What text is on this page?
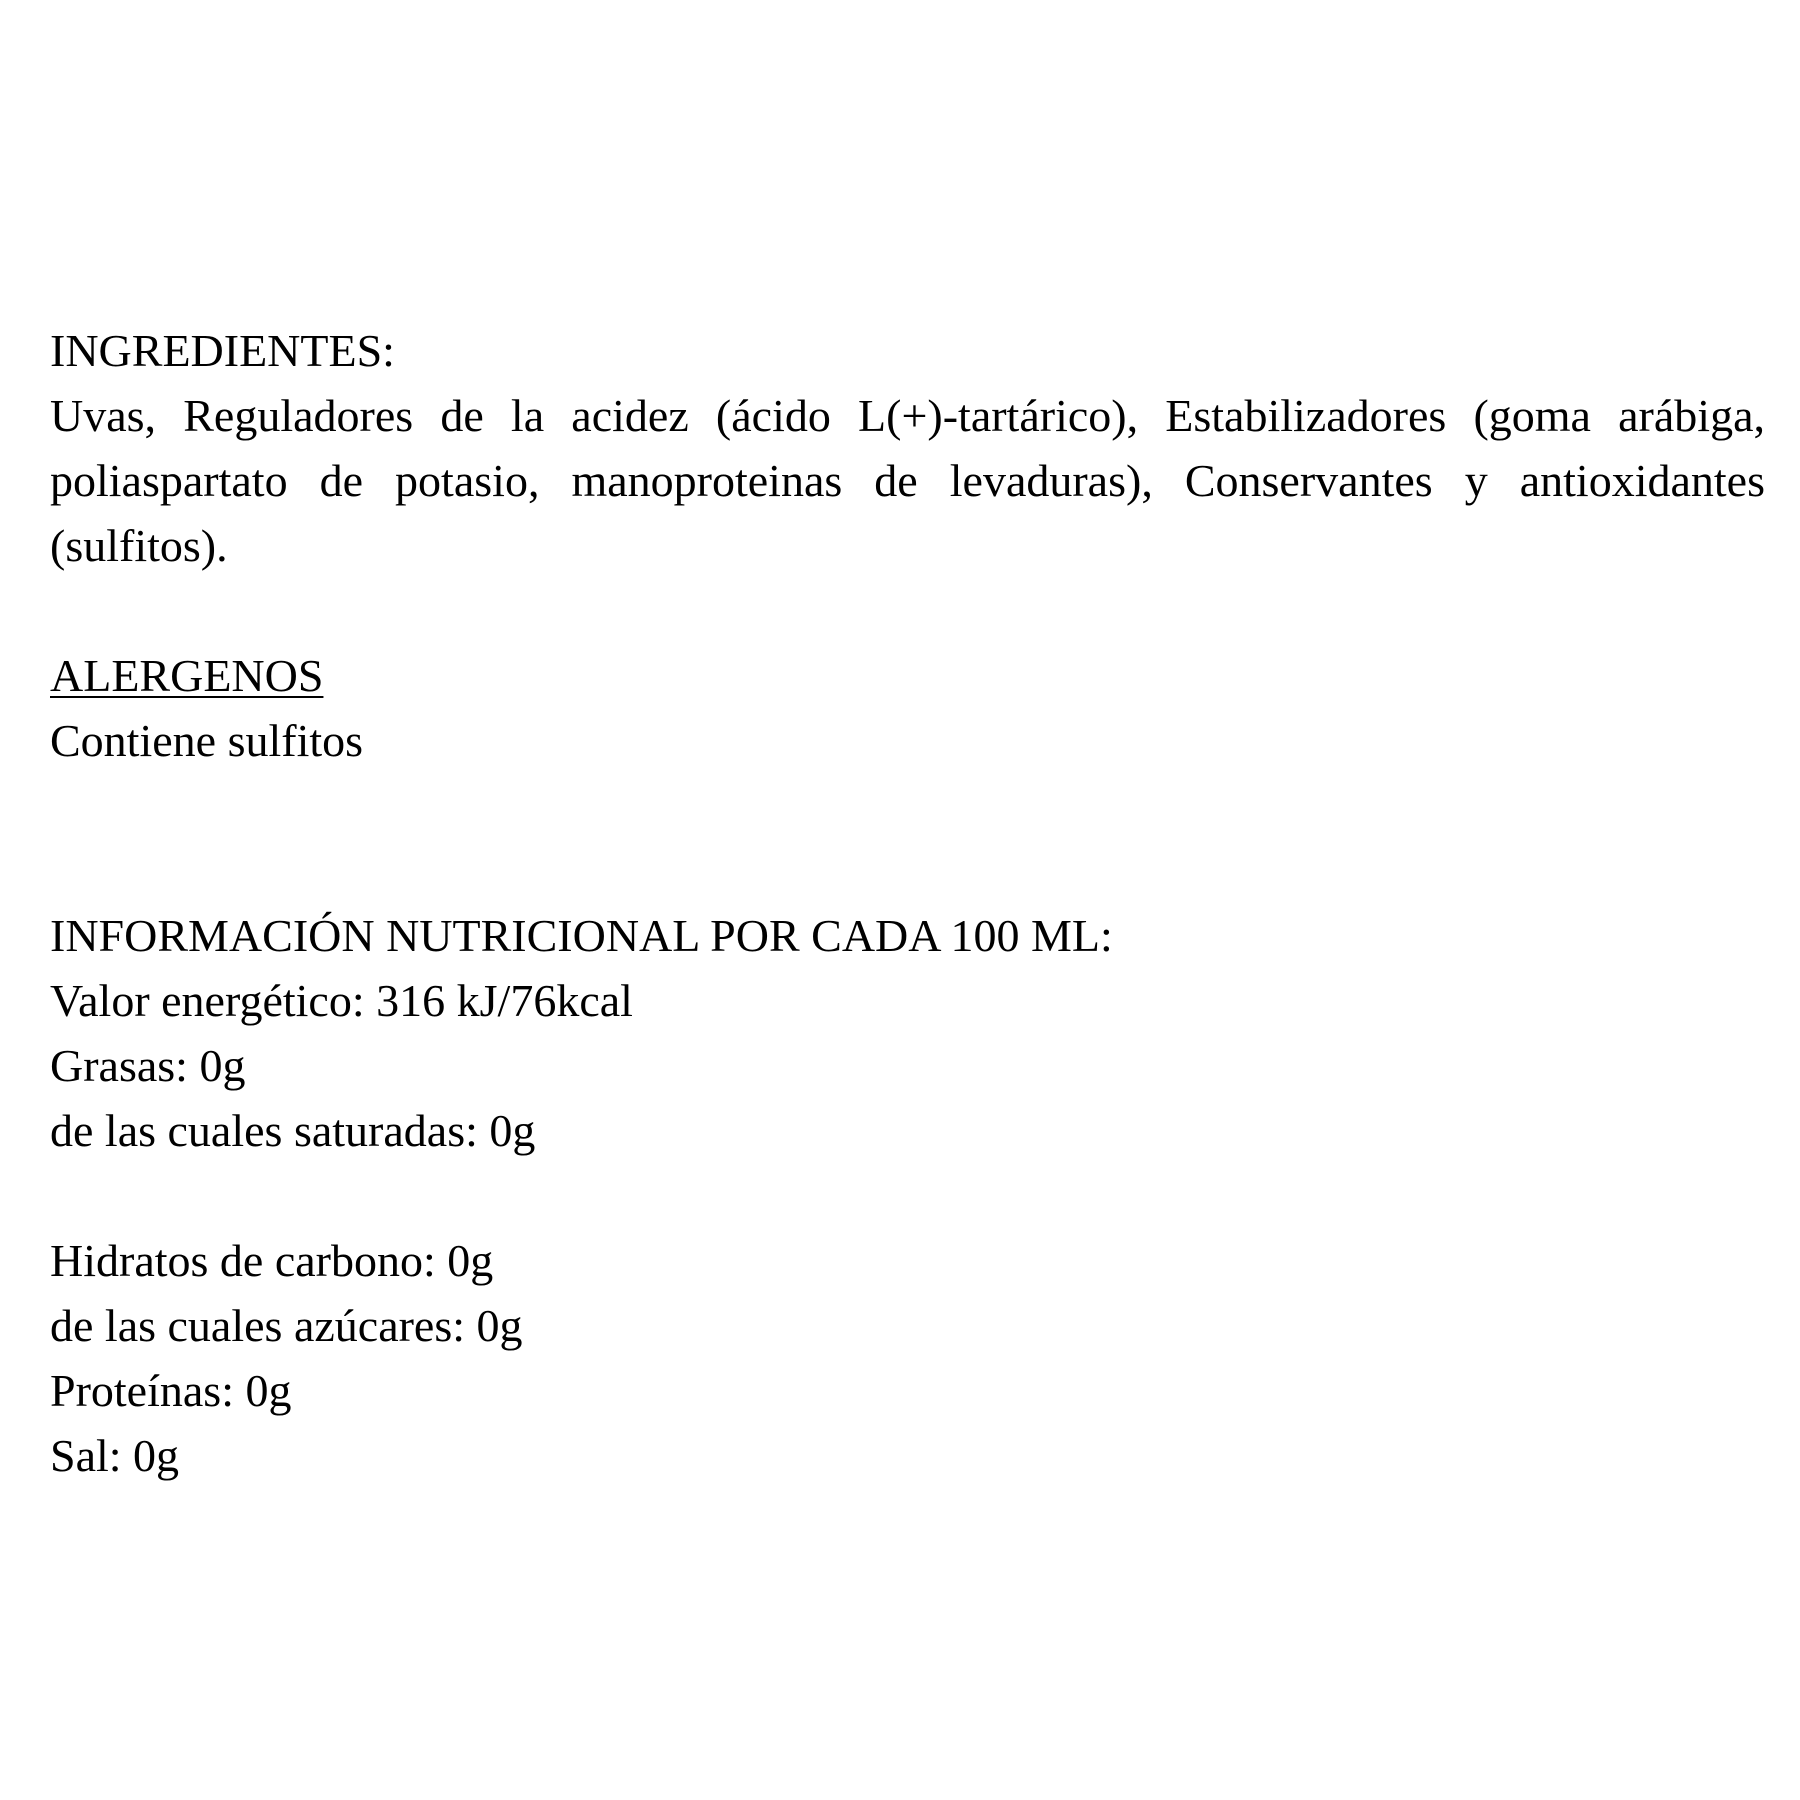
INGREDIENTES:
Uvas, Reguladores de la acidez (ácido L(+)-tartárico), Estabilizadores (goma arábiga, poliaspartato de potasio, manoproteinas de levaduras), Conservantes y antioxidantes (sulfitos).
ALERGENOS
Contiene sulfitos
INFORMACIÓN NUTRICIONAL POR CADA 100 ML:
Valor energético: 316 kJ/76kcal
Grasas: 0g
de las cuales saturadas: 0g
Hidratos de carbono: 0g
de las cuales azúcares: 0g
Proteínas: 0g
Sal: 0g
